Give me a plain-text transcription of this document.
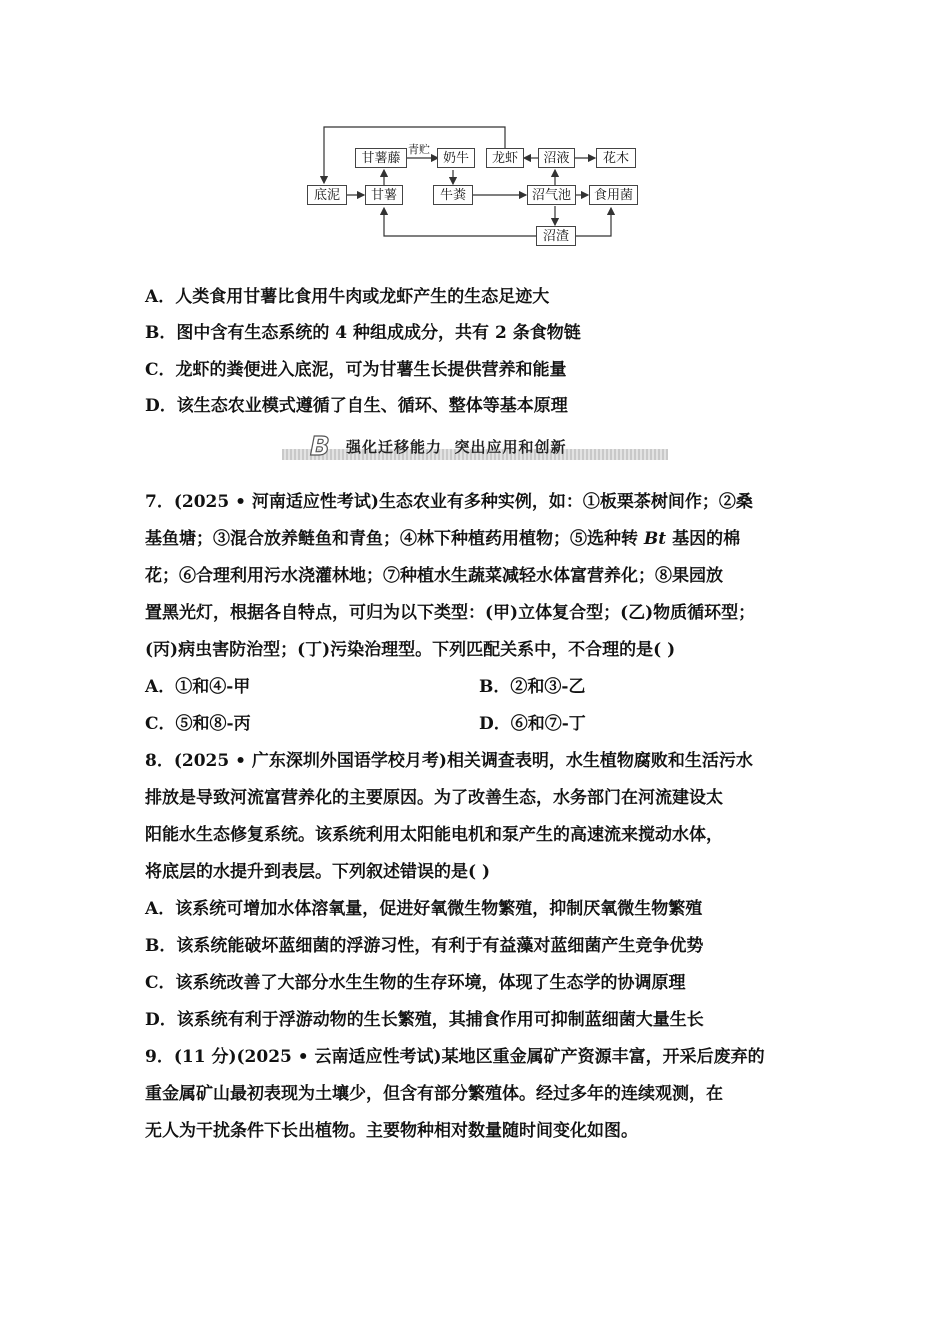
底泥	甘薯
甘薯藤
青贮
奶牛
牛粪
龙虾	沼液	花木
沼气池	食用菌
沼渣
A．人类食用甘薯比食用牛肉或龙虾产生的生态足迹大
B．图中含有生态系统的 4 种组成成分，共有 2 条食物链
C．龙虾的粪便进入底泥，可为甘薯生长提供营养和能量
D．该生态农业模式遵循了自生、循环、整体等基本原理
B 强化迁移能力  突出应用和创新
7．(2025 • 河南适应性考试)生态农业有多种实例，如：①板栗茶树间作；②桑
基鱼塘；③混合放养鲢鱼和青鱼；④林下种植药用植物；⑤选种转 Bt 基因的棉
花；⑥合理利用污水浇灌林地；⑦种植水生蔬菜减轻水体富营养化；⑧果园放
置黑光灯，根据各自特点，可归为以下类型：(甲)立体复合型；(乙)物质循环型；
(丙)病虫害防治型；(丁)污染治理型。下列匹配关系中，不合理的是( )
A．①和④-甲	B．②和③-乙
C．⑤和⑧-丙	D．⑥和⑦-丁
8．(2025 • 广东深圳外国语学校月考)相关调查表明，水生植物腐败和生活污水
排放是导致河流富营养化的主要原因。为了改善生态，水务部门在河流建设太
阳能水生态修复系统。该系统利用太阳能电机和泵产生的高速流来搅动水体，
将底层的水提升到表层。下列叙述错误的是( )
A．该系统可增加水体溶氧量，促进好氧微生物繁殖，抑制厌氧微生物繁殖
B．该系统能破坏蓝细菌的浮游习性，有利于有益藻对蓝细菌产生竞争优势
C．该系统改善了大部分水生生物的生存环境，体现了生态学的协调原理
D．该系统有利于浮游动物的生长繁殖，其捕食作用可抑制蓝细菌大量生长
9．(11 分)(2025 • 云南适应性考试)某地区重金属矿产资源丰富，开采后废弃的
重金属矿山最初表现为土壤少，但含有部分繁殖体。经过多年的连续观测，在
无人为干扰条件下长出植物。主要物种相对数量随时间变化如图。
